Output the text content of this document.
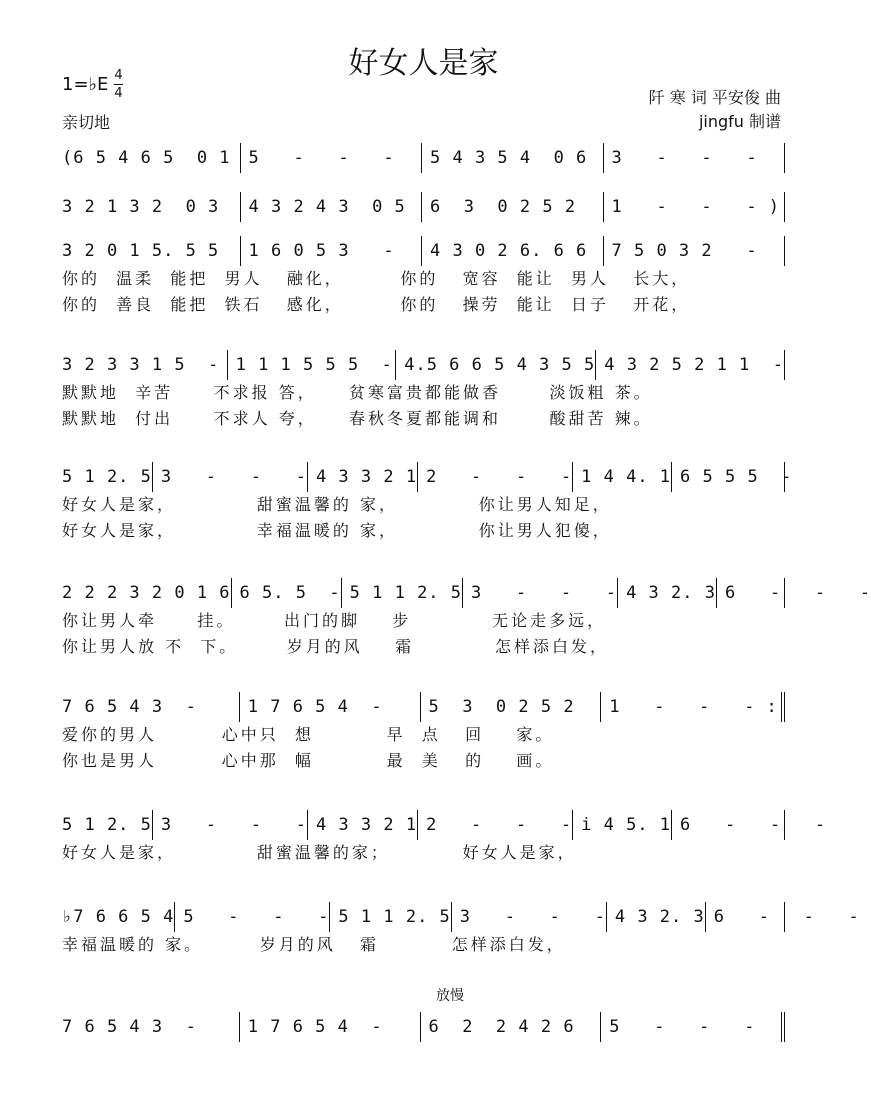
好女人是家
1=♭E 4
4
亲切地
阡 寒 词 平安俊 曲
jingfu 制谱
(6 5 4 6 5  0 1	5   -   -   -	5 4 3 5 4  0 6	3   -   -   -
3 2 1 3 2  0 3	4 3 2 4 3  0 5	6  3  0 2 5 2	1   -   -   - )
3 2 0 1 5. 5 5	1 6 0 5 3   -	4 3 0 2 6. 6 6	7 5 0 3 2   -
你的  温柔  能把  男人   融化，       你的   宽容  能让  男人   长大，
你的  善良  能把  铁石   感化，       你的   操劳  能让  日子   开花，
3 2 3 3 1 5  - 1 1 1 5 5 5  - 4.5 6 6 5 4 3 5 5 4 3 2 5 2 1 1  -
默默地  辛苦     不求报 答，    贫寒富贵都能做香      淡饭粗 茶。
默默地  付出     不求人 夸，    春秋冬夏都能调和      酸甜苦 辣。
5 1 2. 5 3   -   -   - 4 3 3 2 1 2   -   -   - 1 4 4. 1 6 5 5 5  -
好女人是家，          甜蜜温馨的 家，          你让男人知足，
好女人是家，          幸福温暖的 家，          你让男人犯傻，
2 2 2 3 2 0 1 6 6 5. 5  - 5 1 1 2. 5 3   -   -   - 4 3 2. 3 6   -   -   -
你让男人牵     挂。      出门的脚    步          无论走多远，
你让男人放 不  下。      岁月的风    霜          怎样添白发，
7 6 5 4 3  -	1 7 6 5 4  -	5  3  0 2 5 2	1   -   -   - :
爱你的男人        心中只  想         早  点   回    家。
你也是男人        心中那  幅         最  美   的    画。
5 1 2. 5 3   -   -   - 4 3 3 2 1 2   -   -   - i 4 5. 1 6   -   -   -
好女人是家，          甜蜜温馨的家；         好女人是家，
♭7 6 6 5 4 5   -   -   - 5 1 1 2. 5 3   -   -   - 4 3 2. 3 6   -   -   -
幸福温暖的 家。       岁月的风   霜         怎样添白发，
放慢
7 6 5 4 3  -	1 7 6 5 4  -	6  2  2 4 2 6	5   -   -   -
